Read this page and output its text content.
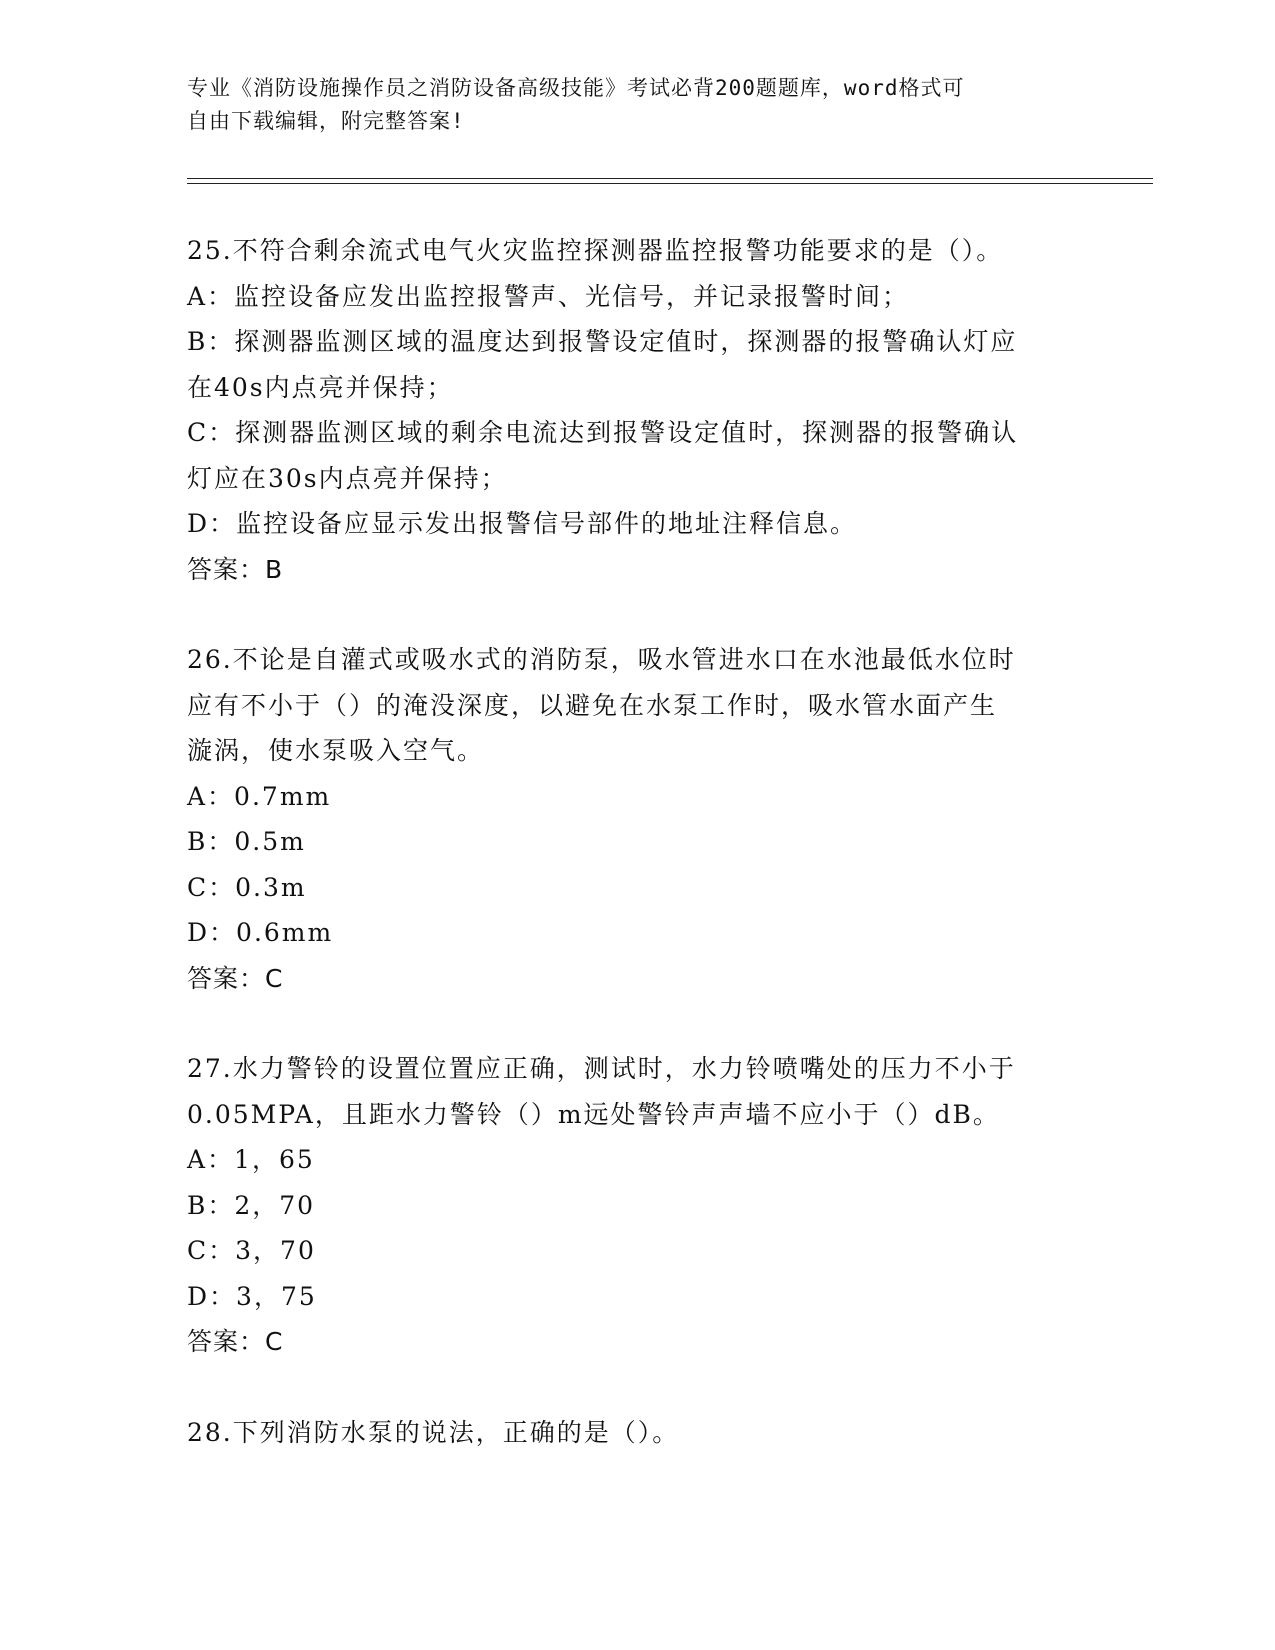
专业《消防设施操作员之消防设备高级技能》考试必背200题题库，word格式可
自由下载编辑，附完整答案!
25.不符合剩余流式电气火灾监控探测器监控报警功能要求的是（）。
A：监控设备应发出监控报警声、光信号，并记录报警时间；
B：探测器监测区域的温度达到报警设定值时，探测器的报警确认灯应
在40s内点亮并保持；
C：探测器监测区域的剩余电流达到报警设定值时，探测器的报警确认
灯应在30s内点亮并保持；
D：监控设备应显示发出报警信号部件的地址注释信息。
答案：B
26.不论是自灌式或吸水式的消防泵，吸水管进水口在水池最低水位时
应有不小于（）的淹没深度，以避免在水泵工作时，吸水管水面产生
漩涡，使水泵吸入空气。
A：0.7mm
B：0.5m
C：0.3m
D：0.6mm
答案：C
27.水力警铃的设置位置应正确，测试时，水力铃喷嘴处的压力不小于
0.05MPA，且距水力警铃（）m远处警铃声声墙不应小于（）dB。
A：1，65
B：2，70
C：3，70
D：3，75
答案：C
28.下列消防水泵的说法，正确的是（）。
